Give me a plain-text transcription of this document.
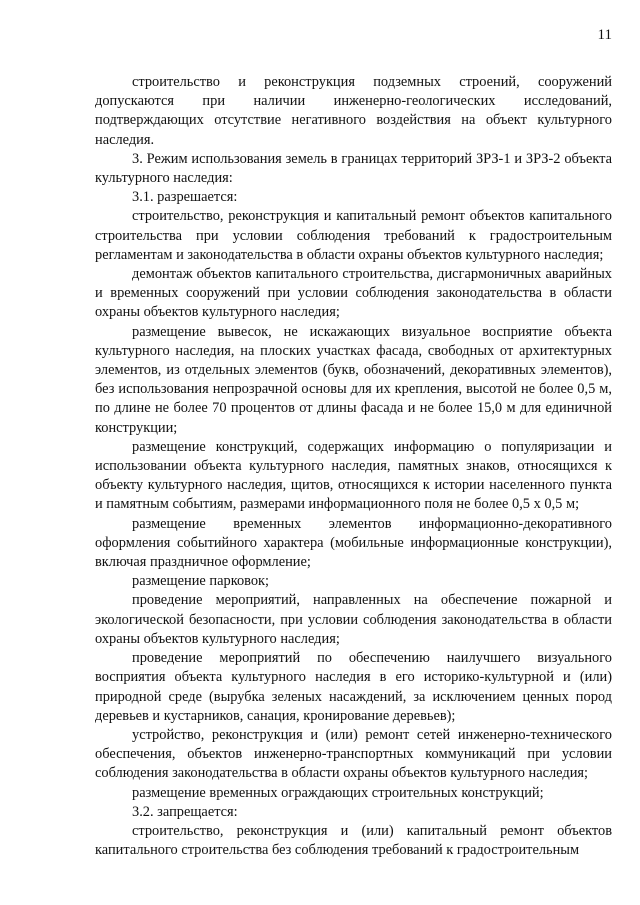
11

строительство и реконструкция подземных строений, сооружений допускаются при наличии инженерно-геологических исследований, подтверждающих отсутствие негативного воздействия на объект культурного наследия.

3. Режим использования земель в границах территорий ЗРЗ-1 и ЗРЗ-2 объекта культурного наследия:

3.1. разрешается:

строительство, реконструкция и капитальный ремонт объектов капитального строительства при условии соблюдения требований к градостроительным регламентам и законодательства в области охраны объектов культурного наследия;

демонтаж объектов капитального строительства, дисгармоничных аварийных и временных сооружений при условии соблюдения законодательства в области охраны объектов культурного наследия;

размещение вывесок, не искажающих визуальное восприятие объекта культурного наследия, на плоских участках фасада, свободных от архитектурных элементов, из отдельных элементов (букв, обозначений, декоративных элементов), без использования непрозрачной основы для их крепления, высотой не более 0,5 м, по длине не более 70 процентов от длины фасада и не более 15,0 м для единичной конструкции;

размещение конструкций, содержащих информацию о популяризации и использовании объекта культурного наследия, памятных знаков, относящихся к объекту культурного наследия, щитов, относящихся к истории населенного пункта и памятным событиям, размерами информационного поля не более 0,5 х 0,5 м;

размещение временных элементов информационно-декоративного оформления событийного характера (мобильные информационные конструкции), включая праздничное оформление;

размещение парковок;

проведение мероприятий, направленных на обеспечение пожарной и экологической безопасности, при условии соблюдения законодательства в области охраны объектов культурного наследия;

проведение мероприятий по обеспечению наилучшего визуального восприятия объекта культурного наследия в его историко-культурной и (или) природной среде (вырубка зеленых насаждений, за исключением ценных пород деревьев и кустарников, санация, кронирование деревьев);

устройство, реконструкция и (или) ремонт сетей инженерно-технического обеспечения, объектов инженерно-транспортных коммуникаций при условии соблюдения законодательства в области охраны объектов культурного наследия;

размещение временных ограждающих строительных конструкций;

3.2. запрещается:

строительство, реконструкция и (или) капитальный ремонт объектов капитального строительства без соблюдения требований к градостроительным
